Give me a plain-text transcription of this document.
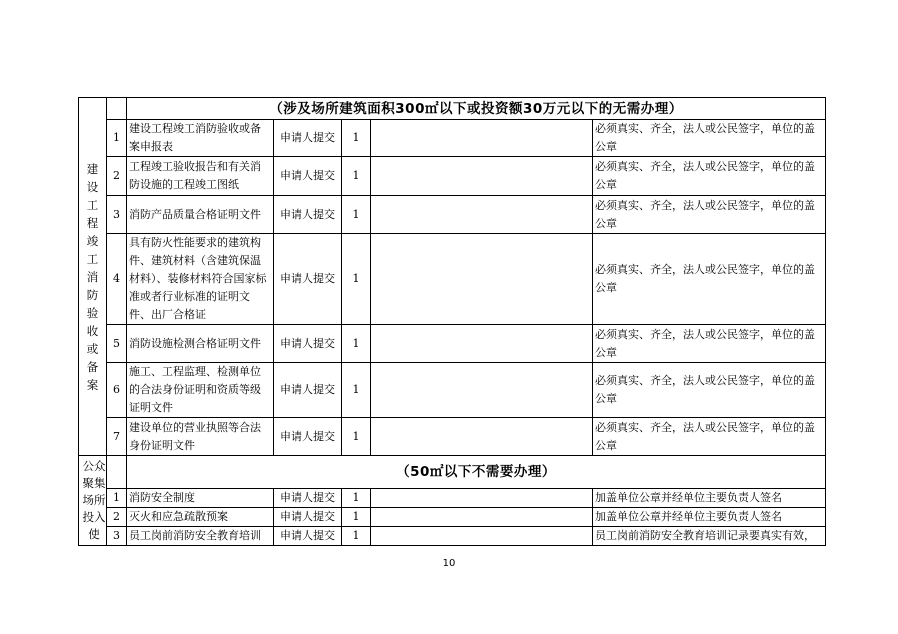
建设工程竣工消防验收或备案		（涉及场所建筑面积300㎡以下或投资额30万元以下的无需办理）				
	1	建设工程竣工消防验收或备案申报表	申请人提交	1		必须真实、齐全，法人或公民签字，单位的盖公章
	2	工程竣工验收报告和有关消防设施的工程竣工图纸	申请人提交	1		必须真实、齐全，法人或公民签字，单位的盖公章
	3	消防产品质量合格证明文件	申请人提交	1		必须真实、齐全，法人或公民签字，单位的盖公章
	4	具有防火性能要求的建筑构件、建筑材料（含建筑保温材料）、装修材料符合国家标准或者行业标准的证明文件、出厂合格证	申请人提交	1		必须真实、齐全，法人或公民签字，单位的盖公章
	5	消防设施检测合格证明文件	申请人提交	1		必须真实、齐全，法人或公民签字，单位的盖公章
	6	施工、工程监理、检测单位的合法身份证明和资质等级证明文件	申请人提交	1		必须真实、齐全，法人或公民签字，单位的盖公章
	7	建设单位的营业执照等合法身份证明文件	申请人提交	1		必须真实、齐全，法人或公民签字，单位的盖公章
公众聚集场所投入使		（50㎡以下不需要办理）				
	1	消防安全制度	申请人提交	1		加盖单位公章并经单位主要负责人签名
	2	灭火和应急疏散预案	申请人提交	1		加盖单位公章并经单位主要负责人签名
	3	员工岗前消防安全教育培训	申请人提交	1		员工岗前消防安全教育培训记录要真实有效，
10
